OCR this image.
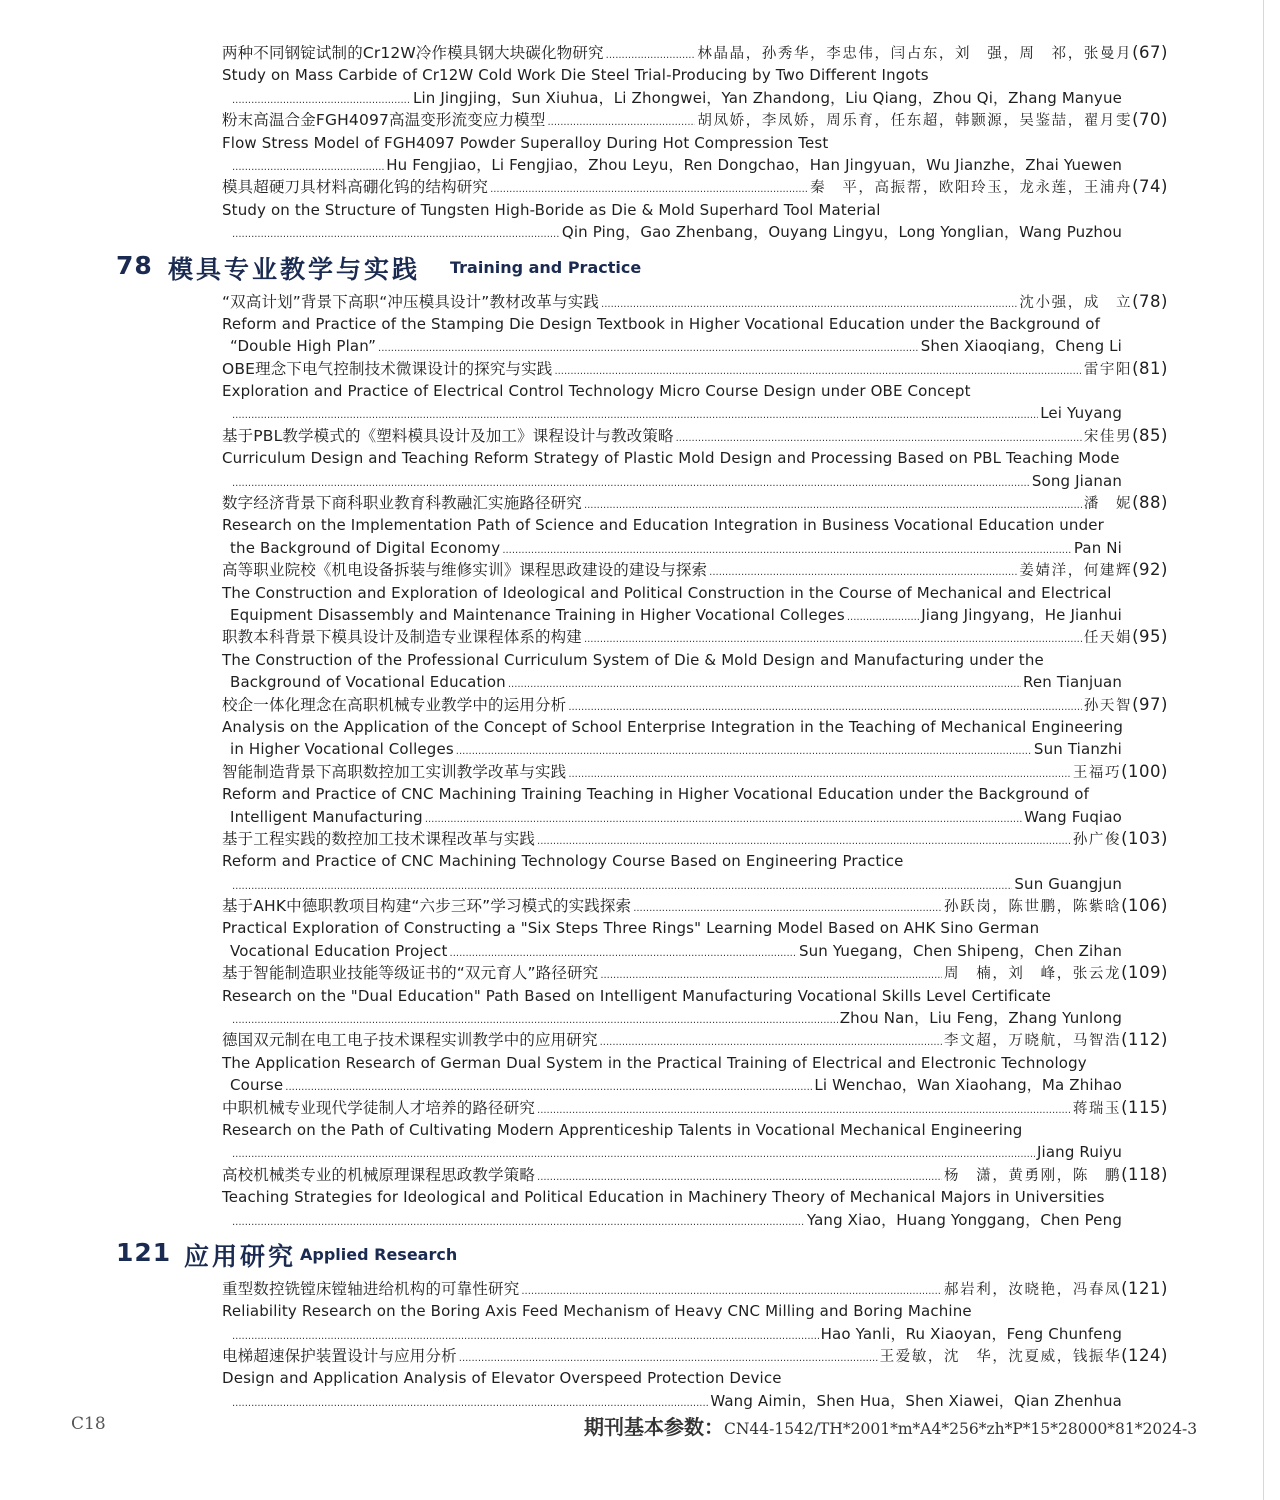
两种不同钢锭试制的Cr12W冷作模具钢大块碳化物研究 .....	林晶晶，孙秀华，李忠伟，闫占东，刘　强，周　祁，张曼月 (67)
Study on Mass Carbide of Cr12W Cold Work Die Steel Trial-Producing by Two Different Ingots
.....
Lin Jingjing，Sun Xiuhua，Li Zhongwei，Yan Zhandong，Liu Qiang，Zhou Qi，Zhang Manyue
粉末高温合金FGH4097高温变形流变应力模型 .....	胡凤娇，李凤娇，周乐育，任东超，韩颢源，吴鉴喆，翟月雯 (70)
Flow Stress Model of FGH4097 Powder Superalloy During Hot Compression Test
.....
Hu Fengjiao，Li Fengjiao，Zhou Leyu，Ren Dongchao，Han Jingyuan，Wu Jianzhe，Zhai Yuewen
模具超硬刀具材料高硼化钨的结构研究 .....	秦　平，高振帮，欧阳玲玉，龙永莲，王浦舟 (74)
Study on the Structure of Tungsten High-Boride as Die & Mold Superhard Tool Material
.....
Qin Ping，Gao Zhenbang，Ouyang Lingyu，Long Yonglian，Wang Puzhou
78 模具专业教学与实践 Training and Practice
“双高计划”背景下高职“冲压模具设计”教材改革与实践 .....	沈小强，成　立 (78)
Reform and Practice of the Stamping Die Design Textbook in Higher Vocational Education under the Background of
“Double High Plan” .....	Shen Xiaoqiang，Cheng Li
OBE理念下电气控制技术微课设计的探究与实践 .....	雷宇阳 (81)
Exploration and Practice of Electrical Control Technology Micro Course Design under OBE Concept
.....
Lei Yuyang
基于PBL教学模式的《塑料模具设计及加工》课程设计与教改策略 .....	宋佳男 (85)
Curriculum Design and Teaching Reform Strategy of Plastic Mold Design and Processing Based on PBL Teaching Mode
.....
Song Jianan
数字经济背景下商科职业教育科教融汇实施路径研究 .....	潘　妮 (88)
Research on the Implementation Path of Science and Education Integration in Business Vocational Education under
the Background of Digital Economy .....	Pan Ni
高等职业院校《机电设备拆装与维修实训》课程思政建设的建设与探索 .....	姜婧洋，何建辉 (92)
The Construction and Exploration of Ideological and Political Construction in the Course of Mechanical and Electrical
Equipment Disassembly and Maintenance Training in Higher Vocational Colleges .....	Jiang Jingyang，He Jianhui
职教本科背景下模具设计及制造专业课程体系的构建 .....	任天娟 (95)
The Construction of the Professional Curriculum System of Die & Mold Design and Manufacturing under the
Background of Vocational Education .....	Ren Tianjuan
校企一体化理念在高职机械专业教学中的运用分析 .....	孙天智 (97)
Analysis on the Application of the Concept of School Enterprise Integration in the Teaching of Mechanical Engineering
in Higher Vocational Colleges .....	Sun Tianzhi
智能制造背景下高职数控加工实训教学改革与实践 .....	王福巧 (100)
Reform and Practice of CNC Machining Training Teaching in Higher Vocational Education under the Background of
Intelligent Manufacturing .....	Wang Fuqiao
基于工程实践的数控加工技术课程改革与实践 .....	孙广俊 (103)
Reform and Practice of CNC Machining Technology Course Based on Engineering Practice
.....
Sun Guangjun
基于AHK中德职教项目构建“六步三环”学习模式的实践探索 .....	孙跃岗，陈世鹏，陈紫晗 (106)
Practical Exploration of Constructing a "Six Steps Three Rings" Learning Model Based on AHK Sino German
Vocational Education Project .....	Sun Yuegang，Chen Shipeng，Chen Zihan
基于智能制造职业技能等级证书的“双元育人”路径研究 .....	周　楠，刘　峰，张云龙 (109)
Research on the "Dual Education" Path Based on Intelligent Manufacturing Vocational Skills Level Certificate
.....
Zhou Nan，Liu Feng，Zhang Yunlong
德国双元制在电工电子技术课程实训教学中的应用研究 .....	李文超，万晓航，马智浩 (112)
The Application Research of German Dual System in the Practical Training of Electrical and Electronic Technology
Course .....	Li Wenchao，Wan Xiaohang，Ma Zhihao
中职机械专业现代学徒制人才培养的路径研究 .....	蒋瑞玉 (115)
Research on the Path of Cultivating Modern Apprenticeship Talents in Vocational Mechanical Engineering
.....
Jiang Ruiyu
高校机械类专业的机械原理课程思政教学策略 .....	杨　潇，黄勇刚，陈　鹏 (118)
Teaching Strategies for Ideological and Political Education in Machinery Theory of Mechanical Majors in Universities
.....
Yang Xiao，Huang Yonggang，Chen Peng
121 应用研究 Applied Research
重型数控铣镗床镗轴进给机构的可靠性研究 .....	郝岩利，汝晓艳，冯春凤 (121)
Reliability Research on the Boring Axis Feed Mechanism of Heavy CNC Milling and Boring Machine
.....
Hao Yanli，Ru Xiaoyan，Feng Chunfeng
电梯超速保护装置设计与应用分析 .....	王爱敏，沈　华，沈夏威，钱振华 (124)
Design and Application Analysis of Elevator Overspeed Protection Device
.....
Wang Aimin，Shen Hua，Shen Xiawei，Qian Zhenhua
C18	期刊基本参数：CN44-1542/TH*2001*m*A4*256*zh*P*15*28000*81*2024-3
